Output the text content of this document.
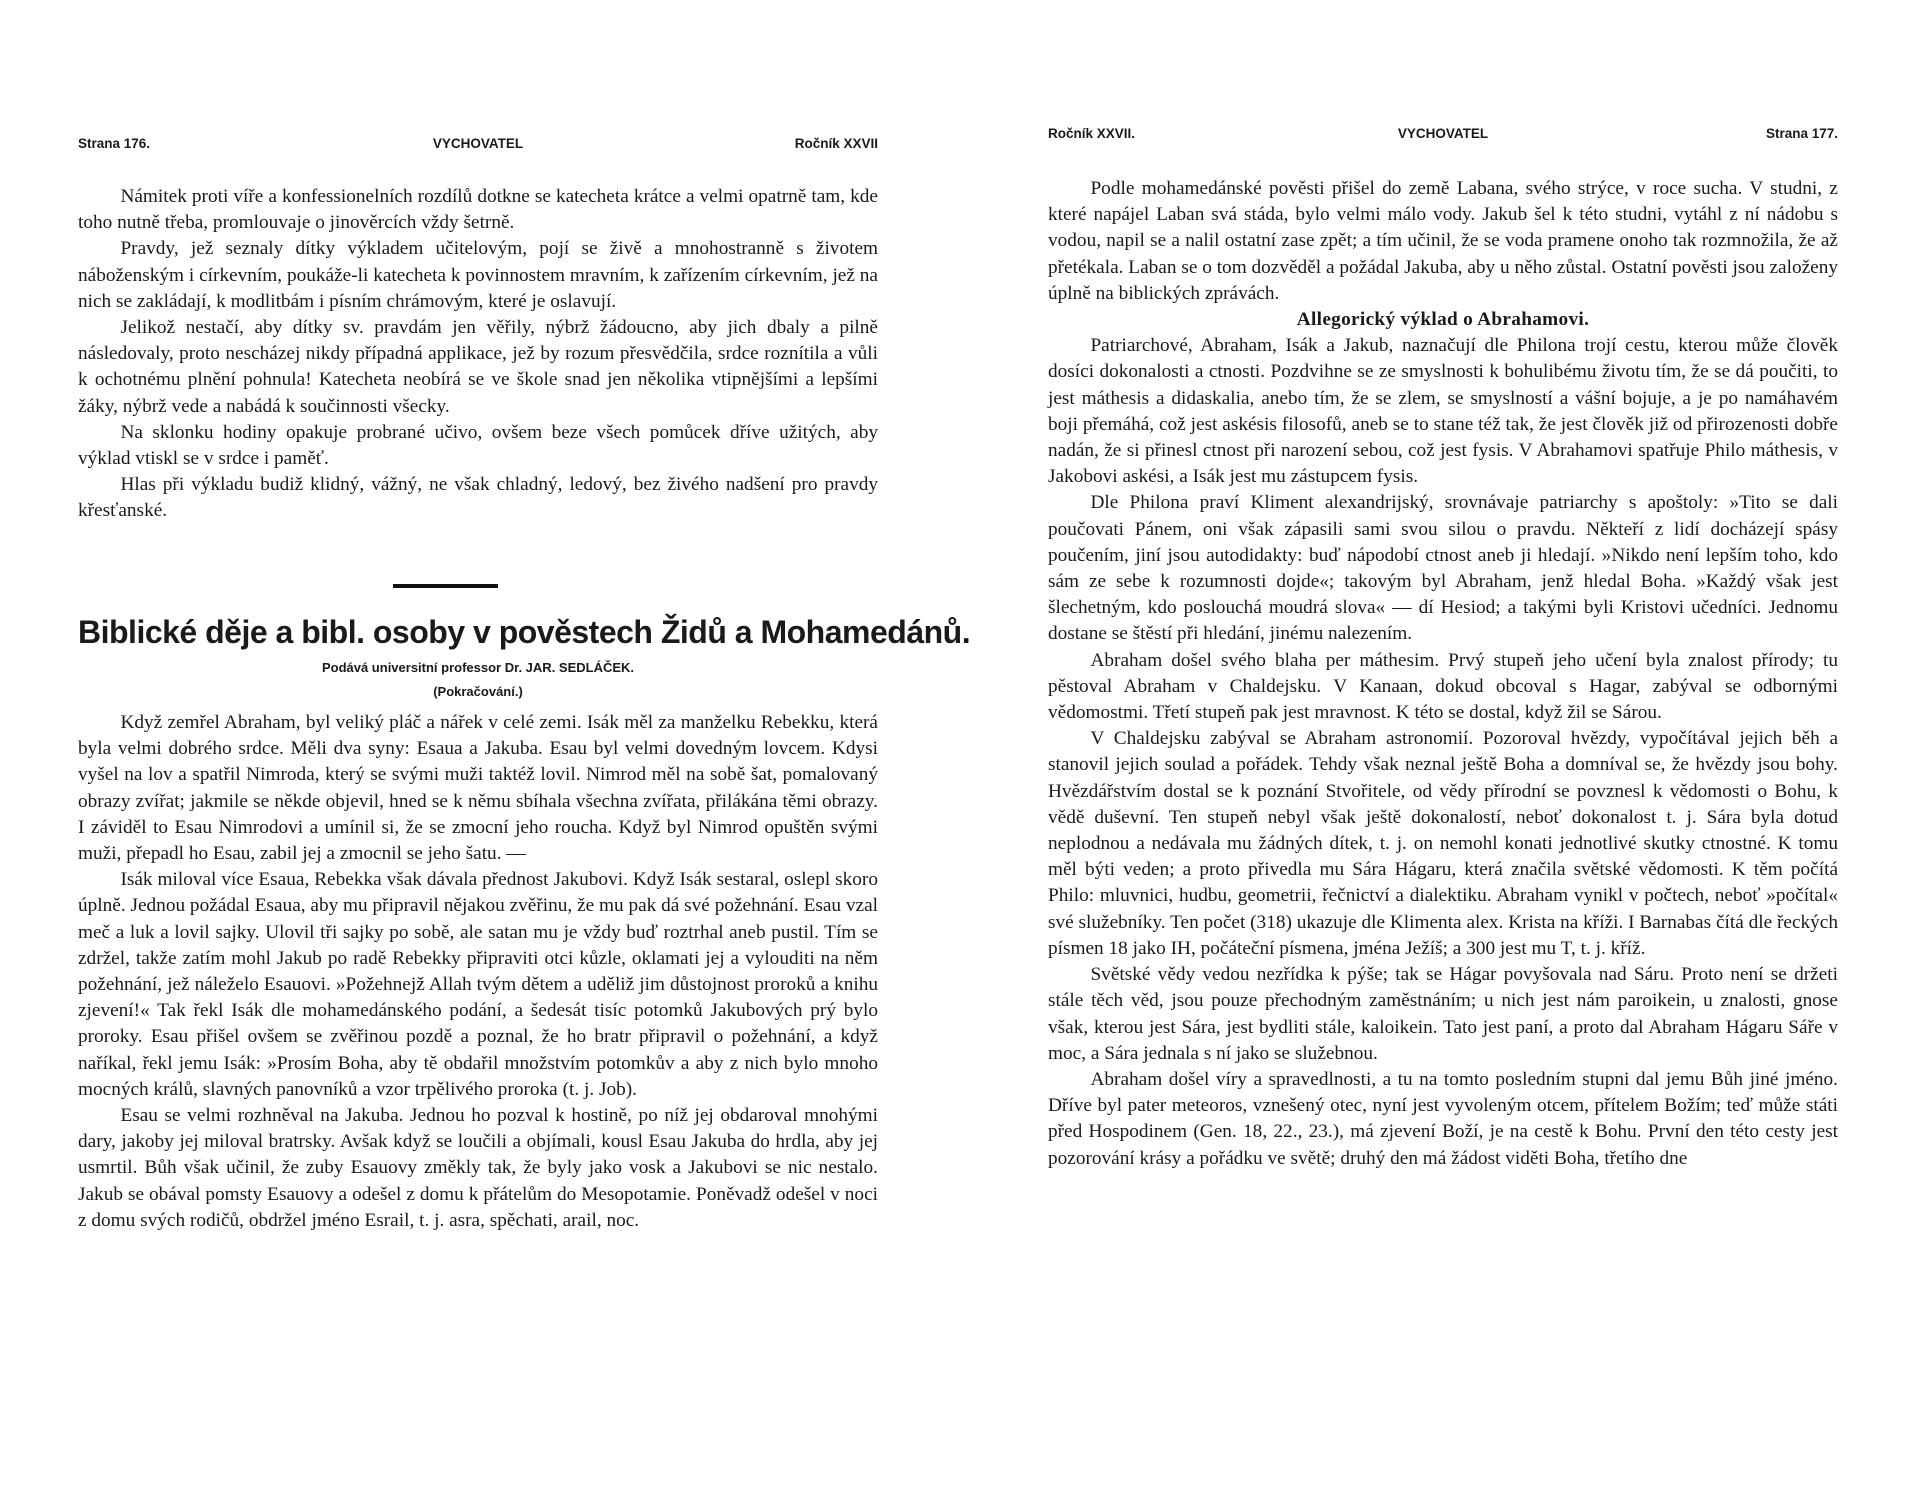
Strana 176.	VYCHOVATEL	Ročník XXVII

Námitek proti víře a konfessionelních rozdílů dotkne se katecheta krátce a velmi opatrně tam, kde toho nutně třeba, promlouvaje o jinověrcích vždy šetrně.

Pravdy, jež seznaly dítky výkladem učitelovým, pojí se živě a mnohostranně s životem náboženským i církevním, poukáže-li katecheta k povinnostem mravním, k zařízením církevním, jež na nich se zakládají, k modlitbám i písním chrámovým, které je oslavují.

Jelikož nestačí, aby dítky sv. pravdám jen věřily, nýbrž žádoucno, aby jich dbaly a pilně následovaly, proto nescházej nikdy případná applikace, jež by rozum přesvědčila, srdce roznítila a vůli k ochotnému plnění pohnula! Katecheta neobírá se ve škole snad jen několika vtipnějšími a lepšími žáky, nýbrž vede a nabádá k součinnosti všecky.

Na sklonku hodiny opakuje probrané učivo, ovšem beze všech pomůcek dříve užitých, aby výklad vtiskl se v srdce i paměť.

Hlas při výkladu budiž klidný, vážný, ne však chladný, ledový, bez živého nadšení pro pravdy křesťanské.

Biblické děje a bibl. osoby v pověstech Židů a Mohamedánů.
Podává universitní professor Dr. JAR. SEDLÁČEK.
(Pokračování.)

Když zemřel Abraham, byl veliký pláč a nářek v celé zemi. Isák měl za manželku Rebekku, která byla velmi dobrého srdce. Měli dva syny: Esaua a Jakuba. Esau byl velmi dovedným lovcem. Kdysi vyšel na lov a spatřil Nimroda, který se svými muži taktéž lovil. Nimrod měl na sobě šat, pomalovaný obrazy zvířat; jakmile se někde objevil, hned se k němu sbíhala všechna zvířata, přilákána těmi obrazy. I záviděl to Esau Nimrodovi a umínil si, že se zmocní jeho roucha. Když byl Nimrod opuštěn svými muži, přepadl ho Esau, zabil jej a zmocnil se jeho šatu. —

Isák miloval více Esaua, Rebekka však dávala přednost Jakubovi. Když Isák sestaral, oslepl skoro úplně. Jednou požádal Esaua, aby mu připravil nějakou zvěřinu, že mu pak dá své požehnání. Esau vzal meč a luk a lovil sajky. Ulovil tři sajky po sobě, ale satan mu je vždy buď roztrhal aneb pustil. Tím se zdržel, takže zatím mohl Jakub po radě Rebekky připraviti otci kůzle, oklamati jej a vylouditi na něm požehnání, jež náleželo Esauovi. »Požehnejž Allah tvým dětem a uděliž jim důstojnost proroků a knihu zjevení!« Tak řekl Isák dle mohamedánského podání, a šedesát tisíc potomků Jakubových prý bylo proroky. Esau přišel ovšem se zvěřinou pozdě a poznal, že ho bratr připravil o požehnání, a když naříkal, řekl jemu Isák: »Prosím Boha, aby tě obdařil množstvím potomkův a aby z nich bylo mnoho mocných králů, slavných panovníků a vzor trpělivého proroka (t. j. Job).

Esau se velmi rozhněval na Jakuba. Jednou ho pozval k hostině, po níž jej obdaroval mnohými dary, jakoby jej miloval bratrsky. Avšak když se loučili a objímali, kousl Esau Jakuba do hrdla, aby jej usmrtil. Bůh však učinil, že zuby Esauovy změkly tak, že byly jako vosk a Jakubovi se nic nestalo. Jakub se obával pomsty Esauovy a odešel z domu k přátelům do Mesopotamie. Poněvadž odešel v noci z domu svých rodičů, obdržel jméno Esrail, t. j. asra, spěchati, arail, noc.

Ročník XXVII.	VYCHOVATEL	Strana 177.

Podle mohamedánské pověsti přišel do země Labana, svého strýce, v roce sucha. V studni, z které napájel Laban svá stáda, bylo velmi málo vody. Jakub šel k této studni, vytáhl z ní nádobu s vodou, napil se a nalil ostatní zase zpět; a tím učinil, že se voda pramene onoho tak rozmnožila, že až přetékala. Laban se o tom dozvěděl a požádal Jakuba, aby u něho zůstal. Ostatní pověsti jsou založeny úplně na biblických zprávách.

Allegorický výklad o Abrahamovi.

Patriarchové, Abraham, Isák a Jakub, naznačují dle Philona trojí cestu, kterou může člověk dosíci dokonalosti a ctnosti. Pozdvihne se ze smyslnosti k bohulibému životu tím, že se dá poučiti, to jest máthesis a didaskalia, anebo tím, že se zlem, se smyslností a vášní bojuje, a je po namáhavém boji přemáhá, což jest askésis filosofů, aneb se to stane též tak, že jest člověk již od přirozenosti dobře nadán, že si přinesl ctnost při narození sebou, což jest fysis. V Abrahamovi spatřuje Philo máthesis, v Jakobovi askési, a Isák jest mu zástupcem fysis.

Dle Philona praví Kliment alexandrijský, srovnávaje patriarchy s apoštoly: »Tito se dali poučovati Pánem, oni však zápasili sami svou silou o pravdu. Někteří z lidí docházejí spásy poučením, jiní jsou autodidakty: buď nápodobí ctnost aneb ji hledají. »Nikdo není lepším toho, kdo sám ze sebe k rozumnosti dojde«; takovým byl Abraham, jenž hledal Boha. »Každý však jest šlechetným, kdo poslouchá moudrá slova« — dí Hesiod; a takými byli Kristovi učedníci. Jednomu dostane se štěstí při hledání, jinému nalezením.

Abraham došel svého blaha per máthesim. Prvý stupeň jeho učení byla znalost přírody; tu pěstoval Abraham v Chaldejsku. V Kanaan, dokud obcoval s Hagar, zabýval se odbornými vědomostmi. Třetí stupeň pak jest mravnost. K této se dostal, když žil se Sárou.

V Chaldejsku zabýval se Abraham astronomií. Pozoroval hvězdy, vypočítával jejich běh a stanovil jejich soulad a pořádek. Tehdy však neznal ještě Boha a domníval se, že hvězdy jsou bohy. Hvězdářstvím dostal se k poznání Stvořitele, od vědy přírodní se povznesl k vědomosti o Bohu, k vědě duševní. Ten stupeň nebyl však ještě dokonalostí, neboť dokonalost t. j. Sára byla dotud neplodnou a nedávala mu žádných dítek, t. j. on nemohl konati jednotlivé skutky ctnostné. K tomu měl býti veden; a proto přivedla mu Sára Hágaru, která značila světské vědomosti. K těm počítá Philo: mluvnici, hudbu, geometrii, řečnictví a dialektiku. Abraham vynikl v počtech, neboť »počítal« své služebníky. Ten počet (318) ukazuje dle Klimenta alex. Krista na kříži. I Barnabas čítá dle řeckých písmen 18 jako IH, počáteční písmena, jména Ježíš; a 300 jest mu T, t. j. kříž.

Světské vědy vedou nezřídka k pýše; tak se Hágar povyšovala nad Sáru. Proto není se držeti stále těch věd, jsou pouze přechodným zaměstnáním; u nich jest nám paroikein, u znalosti, gnose však, kterou jest Sára, jest bydliti stále, kaloikein. Tato jest paní, a proto dal Abraham Hágaru Sáře v moc, a Sára jednala s ní jako se služebnou.

Abraham došel víry a spravedlnosti, a tu na tomto posledním stupni dal jemu Bůh jiné jméno. Dříve byl pater meteoros, vznešený otec, nyní jest vyvoleným otcem, přítelem Božím; teď může státi před Hospodinem (Gen. 18, 22., 23.), má zjevení Boží, je na cestě k Bohu. První den této cesty jest pozorování krásy a pořádku ve světě; druhý den má žádost viděti Boha, třetího dne
